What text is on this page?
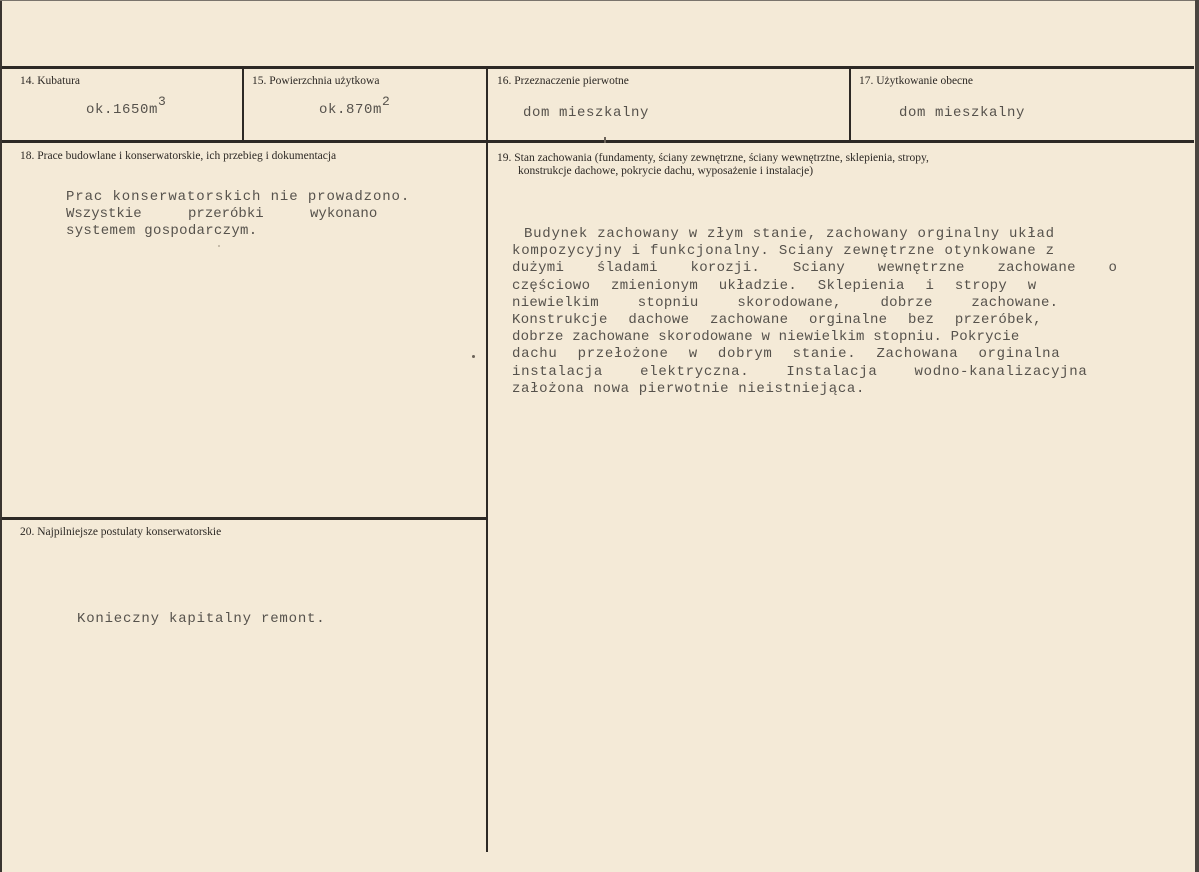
14. Kubatura
$ok.1650m^3$
15. Powierzchnia użytkowa
$ok.870m^2$
16. Przeznaczenie pierwotne
dom mieszkalny
17. Użytkowanie obecne
dom mieszkalny
18. Prace budowlane i konserwatorskie, ich przebieg i dokumentacja
Prac konserwatorskich nie prowadzono.
Wszystkie przeróbki wykonano
systemem gospodarczym.
19. Stan zachowania (fundamenty, ściany zewnętrzne, ściany wewnętrztne, sklepienia, stropy,
konstrukcje dachowe, pokrycie dachu, wyposażenie i instalacje)
Budynek zachowany w złym stanie, zachowany orginalny układ
kompozycyjny i funkcjonalny. Sciany zewnętrzne otynkowane z
dużymi śladami korozji. Sciany wewnętrzne zachowane o
częściowo zmienionym układzie. Sklepienia i stropy w
niewielkim stopniu skorodowane, dobrze zachowane.
Konstrukcje dachowe zachowane orginalne bez przeróbek,
dobrze zachowane skorodowane w niewielkim stopniu. Pokrycie
dachu przełożone w dobrym stanie. Zachowana orginalna
instalacja elektryczna. Instalacja wodno-kanalizacyjna
założona nowa pierwotnie nieistniejąca.
20. Najpilniejsze postulaty konserwatorskie
Konieczny kapitalny remont.
